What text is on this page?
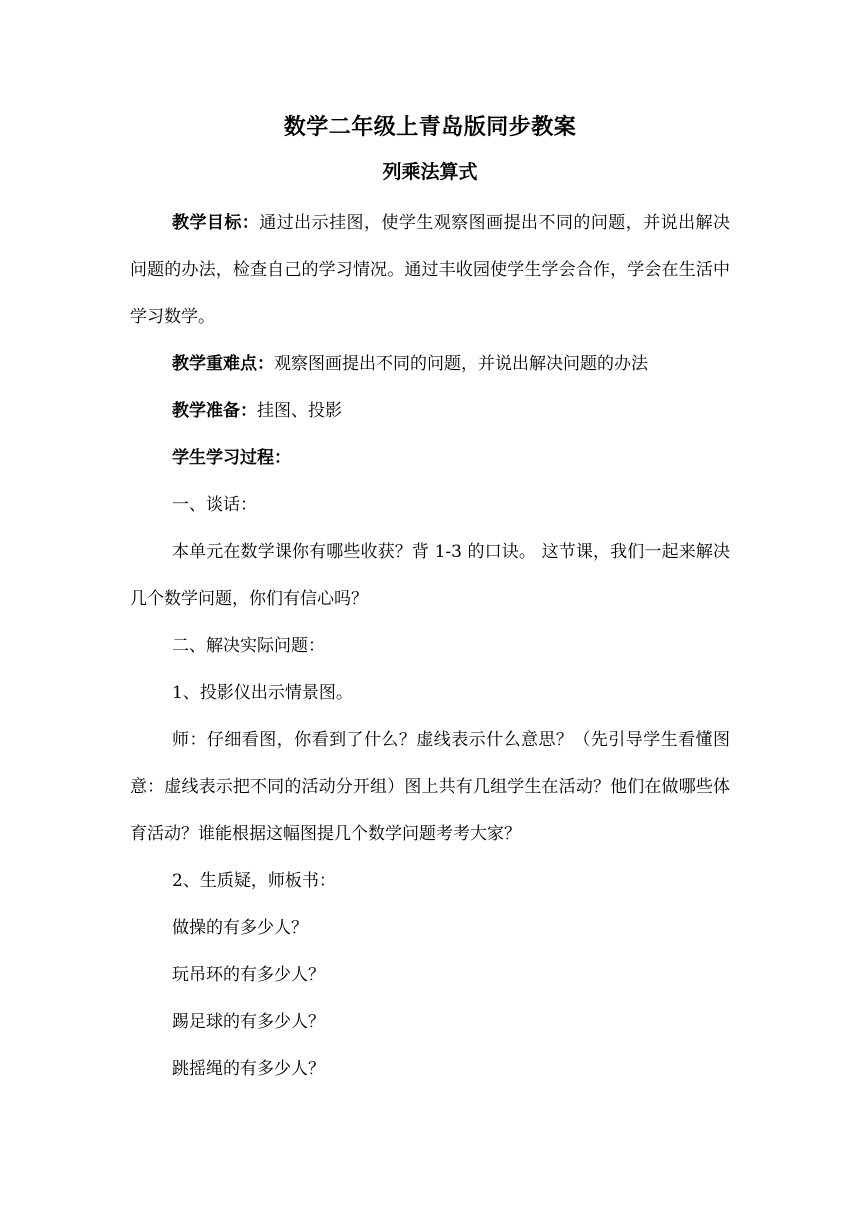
数学二年级上青岛版同步教案
列乘法算式

教学目标：通过出示挂图，使学生观察图画提出不同的问题，并说出解决问题的办法，检查自己的学习情况。通过丰收园使学生学会合作，学会在生活中学习数学。

教学重难点：观察图画提出不同的问题，并说出解决问题的办法

教学准备：挂图、投影

学生学习过程：

一、谈话：

本单元在数学课你有哪些收获？背 1-3 的口诀。 这节课，我们一起来解决几个数学问题，你们有信心吗？

二、解决实际问题：

1、投影仪出示情景图。

师：仔细看图，你看到了什么？虚线表示什么意思？（先引导学生看懂图意：虚线表示把不同的活动分开组）图上共有几组学生在活动？他们在做哪些体育活动？谁能根据这幅图提几个数学问题考考大家？

2、生质疑，师板书：

做操的有多少人？

玩吊环的有多少人？

踢足球的有多少人？

跳摇绳的有多少人？
